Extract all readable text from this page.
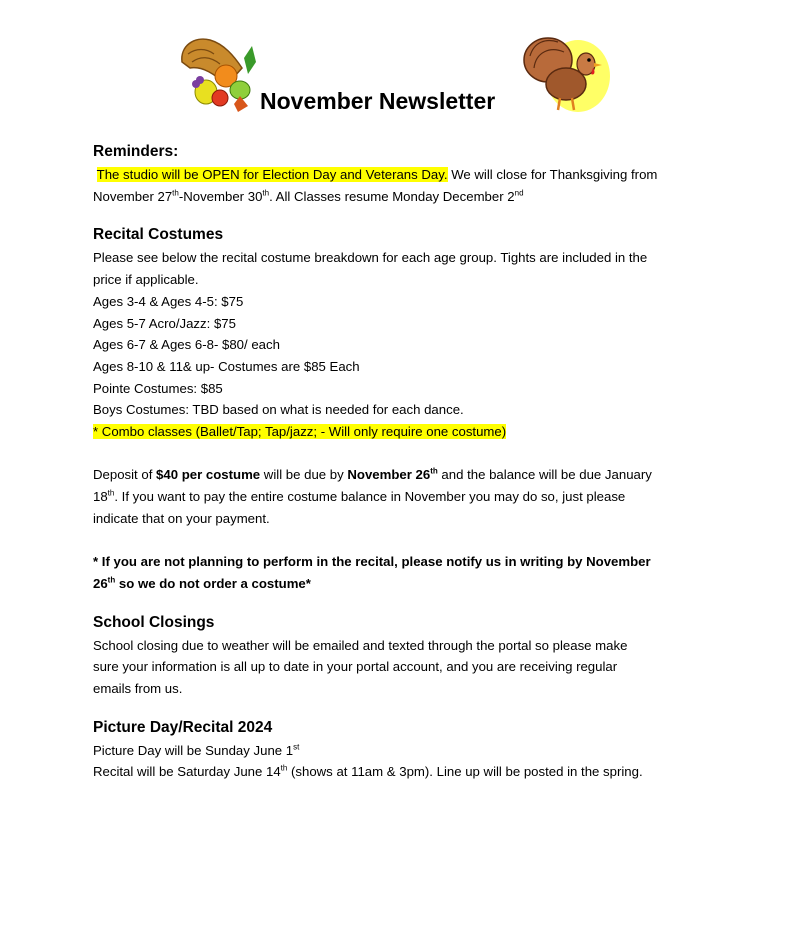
November Newsletter
Reminders:

The studio will be OPEN for Election Day and Veterans Day. We will close for Thanksgiving from

November 27th-November 30th. All Classes resume Monday December 2nd

Recital Costumes

Please see below the recital costume breakdown for each age group. Tights are included in the

price if applicable.

Ages 3-4 & Ages 4-5: $75

Ages 5-7 Acro/Jazz: $75

Ages 6-7 & Ages 6-8- $80/ each

Ages 8-10 & 11& up- Costumes are $85 Each

Pointe Costumes: $85

Boys Costumes: TBD based on what is needed for each dance.

* Combo classes (Ballet/Tap; Tap/jazz; - Will only require one costume)

Deposit of $40 per costume will be due by November 26th and the balance will be due January

18th. If you want to pay the entire costume balance in November you may do so, just please

indicate that on your payment.

* If you are not planning to perform in the recital, please notify us in writing by November

26th so we do not order a costume*

School Closings

School closing due to weather will be emailed and texted through the portal so please make

sure your information is all up to date in your portal account, and you are receiving regular

emails from us.

Picture Day/Recital 2024

Picture Day will be Sunday June 1st

Recital will be Saturday June 14th (shows at 11am & 3pm). Line up will be posted in the spring.
